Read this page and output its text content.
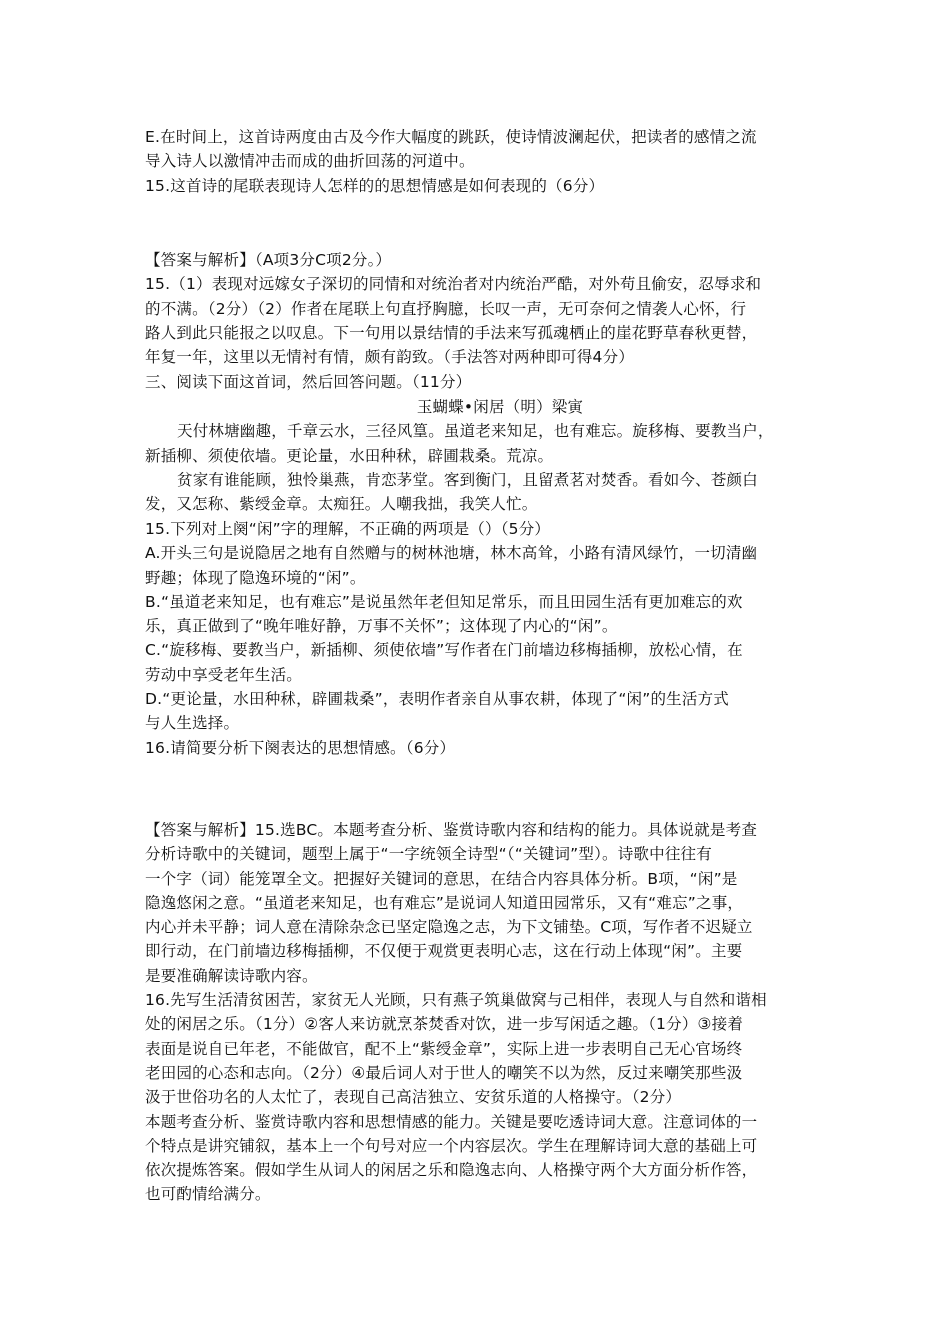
E.在时间上，这首诗两度由古及今作大幅度的跳跃，使诗情波澜起伏，把读者的感情之流
导入诗人以激情冲击而成的曲折回荡的河道中。
15.这首诗的尾联表现诗人怎样的的思想情感是如何表现的（6分）
【答案与解析】（A项3分C项2分。）
15.（1）表现对远嫁女子深切的同情和对统治者对内统治严酷，对外苟且偷安，忍辱求和
的不满。（2分）（2）作者在尾联上句直抒胸臆，长叹一声，无可奈何之情袭人心怀，行
路人到此只能报之以叹息。下一句用以景结情的手法来写孤魂栖止的崖花野草春秋更替，
年复一年，这里以无情衬有情，颇有韵致。（手法答对两种即可得4分）
三、阅读下面这首词，然后回答问题。（11分）
玉蝴蝶•闲居（明）梁寅
天付林塘幽趣，千章云水，三径风篁。虽道老来知足，也有难忘。旋移梅、要教当户，
新插柳、须使依墙。更论量，水田种秫，辟圃栽桑。荒凉。
贫家有谁能顾，独怜巢燕，肯恋茅堂。客到衡门，且留煮茗对焚香。看如今、苍颜白
发，又怎称、紫绶金章。太痴狂。人嘲我拙，我笑人忙。
15.下列对上阕“闲”字的理解，不正确的两项是（）（5分）
A.开头三句是说隐居之地有自然赠与的树林池塘，林木高耸，小路有清风绿竹，一切清幽
野趣；体现了隐逸环境的“闲”。
B.“虽道老来知足，也有难忘”是说虽然年老但知足常乐，而且田园生活有更加难忘的欢
乐，真正做到了“晚年唯好静，万事不关怀”；这体现了内心的“闲”。
C.“旋移梅、要教当户，新插柳、须使依墙”写作者在门前墙边移梅插柳，放松心情，在
劳动中享受老年生活。
D.“更论量，水田种秫，辟圃栽桑”，表明作者亲自从事农耕，体现了“闲”的生活方式
与人生选择。
16.请简要分析下阕表达的思想情感。（6分）
【答案与解析】15.选BC。本题考查分析、鉴赏诗歌内容和结构的能力。具体说就是考查
分析诗歌中的关键词，题型上属于“一字统领全诗型“（“关键词”型）。诗歌中往往有
一个字（词）能笼罩全文。把握好关键词的意思，在结合内容具体分析。B项，“闲”是
隐逸悠闲之意。“虽道老来知足，也有难忘”是说词人知道田园常乐，又有“难忘”之事，
内心并未平静；词人意在清除杂念已坚定隐逸之志，为下文铺垫。C项，写作者不迟疑立
即行动，在门前墙边移梅插柳，不仅便于观赏更表明心志，这在行动上体现“闲”。主要
是要准确解读诗歌内容。
16.先写生活清贫困苦，家贫无人光顾，只有燕子筑巢做窝与己相伴，表现人与自然和谐相
处的闲居之乐。（1分）②客人来访就烹茶焚香对饮，进一步写闲适之趣。（1分）③接着
表面是说自已年老，不能做官，配不上“紫绶金章”，实际上进一步表明自己无心官场终
老田园的心态和志向。（2分）④最后词人对于世人的嘲笑不以为然，反过来嘲笑那些汲
汲于世俗功名的人太忙了，表现自己高洁独立、安贫乐道的人格操守。（2分）
本题考查分析、鉴赏诗歌内容和思想情感的能力。关键是要吃透诗词大意。注意词体的一
个特点是讲究铺叙，基本上一个句号对应一个内容层次。学生在理解诗词大意的基础上可
依次提炼答案。假如学生从词人的闲居之乐和隐逸志向、人格操守两个大方面分析作答，
也可酌情给满分。
